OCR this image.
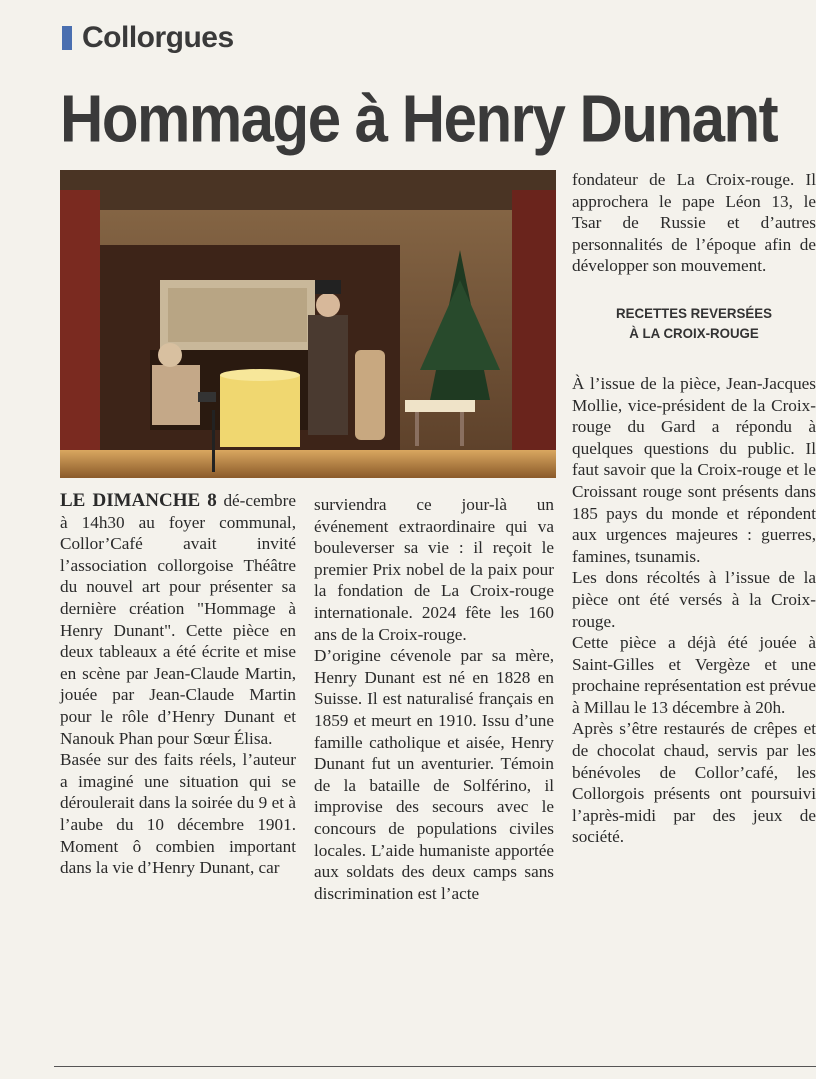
Collorgues
Hommage à Henry Dunant

LE DIMANCHE 8 dé-cembre à 14h30 au foyer communal, Collor’Café avait invité l’association collorgoise Théâtre du nouvel art pour présenter sa dernière création "Hommage à Henry Dunant". Cette pièce en deux tableaux a été écrite et mise en scène par Jean-Claude Martin, jouée par Jean-Claude Martin pour le rôle d’Henry Dunant et Nanouk Phan pour Sœur Élisa.

Basée sur des faits réels, l’auteur a imaginé une situation qui se déroulerait dans la soirée du 9 et à l’aube du 10 décembre 1901. Moment ô combien important dans la vie d’Henry Dunant, car

surviendra ce jour-là un événement extraordinaire qui va bouleverser sa vie : il reçoit le premier Prix nobel de la paix pour la fondation de La Croix-rouge internationale. 2024 fête les 160 ans de la Croix-rouge.

D’origine cévenole par sa mère, Henry Dunant est né en 1828 en Suisse. Il est naturalisé français en 1859 et meurt en 1910. Issu d’une famille catholique et aisée, Henry Dunant fut un aventurier. Témoin de la bataille de Solférino, il improvise des secours avec le concours de populations civiles locales. L’aide humaniste apportée aux soldats des deux camps sans discrimination est l’acte

fondateur de La Croix-rouge. Il approchera le pape Léon 13, le Tsar de Russie et d’autres personnalités de l’époque afin de développer son mouvement.

RECETTES REVERSÉES
À LA CROIX-ROUGE

À l’issue de la pièce, Jean-Jacques Mollie, vice-président de la Croix-rouge du Gard a répondu à quelques questions du public. Il faut savoir que la Croix-rouge et le Croissant rouge sont présents dans 185 pays du monde et répondent aux urgences majeures : guerres, famines, tsunamis.

Les dons récoltés à l’issue de la pièce ont été versés à la Croix-rouge.

Cette pièce a déjà été jouée à Saint-Gilles et Vergèze et une prochaine représentation est prévue à Millau le 13 décembre à 20h.

Après s’être restaurés de crêpes et de chocolat chaud, servis par les bénévoles de Collor’café, les Collorgois présents ont poursuivi l’après-midi par des jeux de société.
